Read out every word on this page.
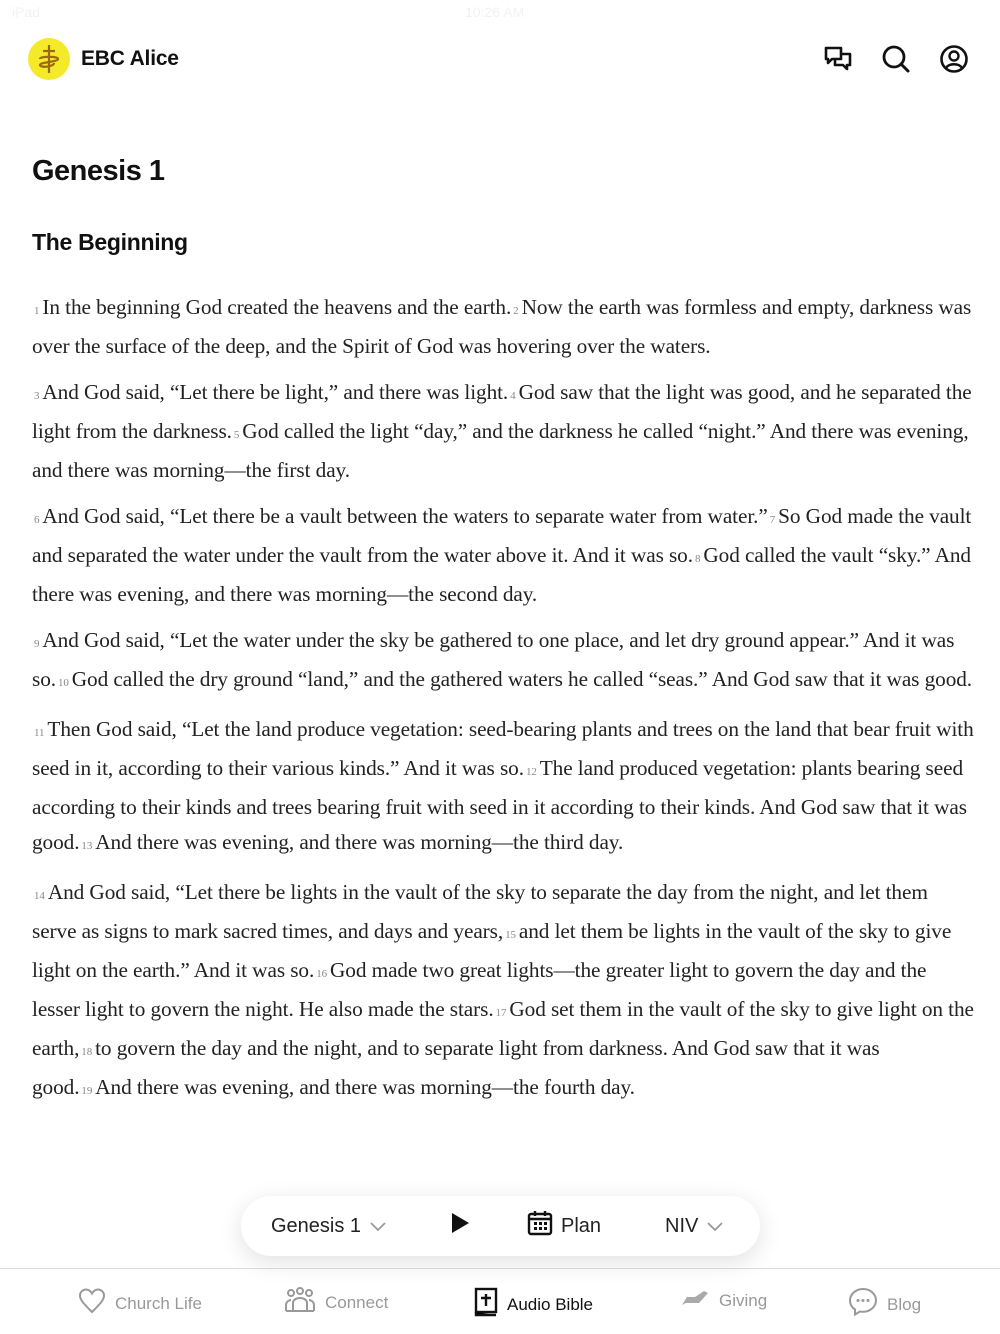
iPad	10:26 AM
Genesis 1
The Beginning

1 In the beginning God created the heavens and the earth. 2 Now the earth was formless and empty, darkness was over the surface of the deep, and the Spirit of God was hovering over the waters.

3 And God said, “Let there be light,” and there was light. 4 God saw that the light was good, and he separated the light from the darkness. 5 God called the light “day,” and the darkness he called “night.” And there was evening, and there was morning—the first day.

6 And God said, “Let there be a vault between the waters to separate water from water.” 7 So God made the vault and separated the water under the vault from the water above it. And it was so. 8 God called the vault “sky.” And there was evening, and there was morning—the second day.

9 And God said, “Let the water under the sky be gathered to one place, and let dry ground appear.” And it was so. 10 God called the dry ground “land,” and the gathered waters he called “seas.” And God saw that it was good.

11 Then God said, “Let the land produce vegetation: seed-bearing plants and trees on the land that bear fruit with seed in it, according to their various kinds.” And it was so. 12 The land produced vegetation: plants bearing seed according to their kinds and trees bearing fruit with seed in it according to their kinds. And God saw that it was good. 13 And there was evening, and there was morning—the third day.

14 And God said, “Let there be lights in the vault of the sky to separate the day from the night, and let them serve as signs to mark sacred times, and days and years, 15 and let them be lights in the vault of the sky to give light on the earth.” And it was so. 16 God made two great lights—the greater light to govern the day and the lesser light to govern the night. He also made the stars. 17 God set them in the vault of the sky to give light on the earth, 18 to govern the day and the night, and to separate light from darkness. And God saw that it was good. 19 And there was evening, and there was morning—the fourth day.

EBC Alice
Genesis 1	Plan	NIV
Church Life	Connect	Audio Bible	Giving	Blog
